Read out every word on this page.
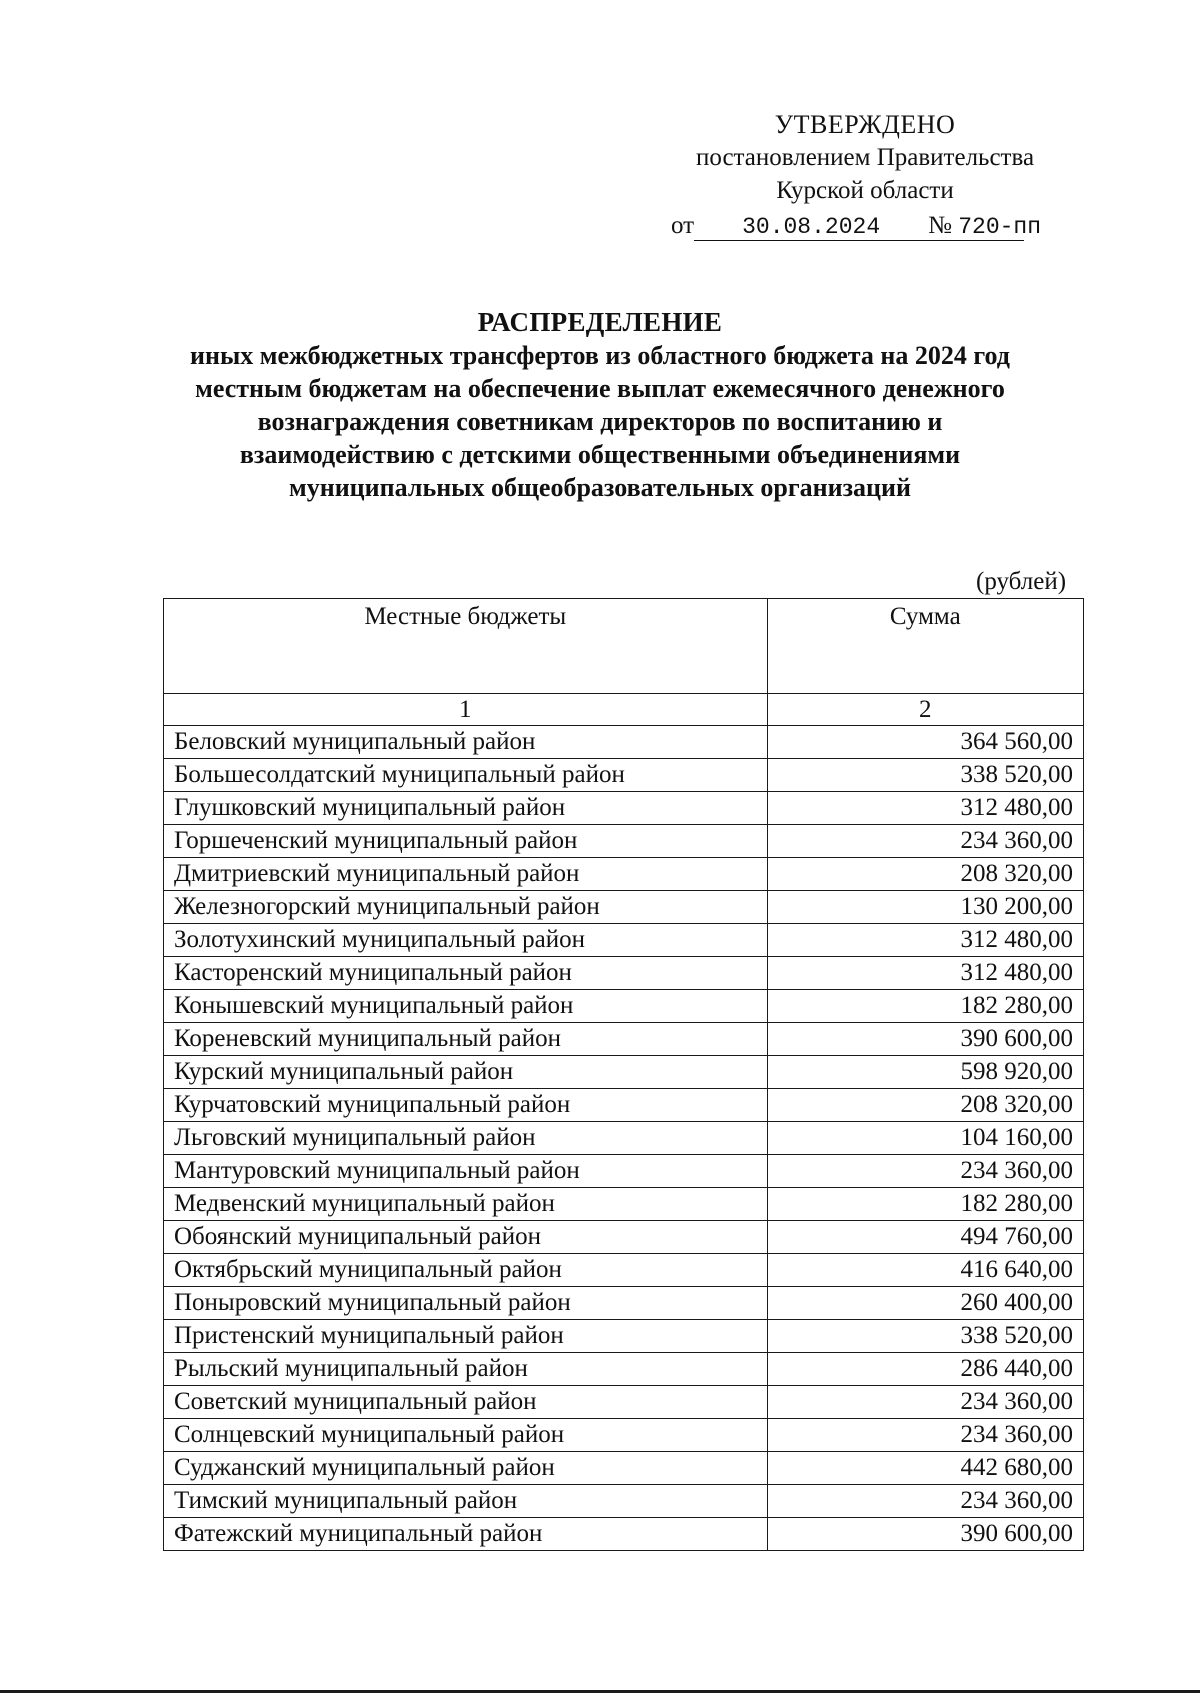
УТВЕРЖДЕНО
постановлением Правительства
Курской области
от 30.08.2024 № 720-пп
РАСПРЕДЕЛЕНИЕ
иных межбюджетных трансфертов из областного бюджета на 2024 год
местным бюджетам на обеспечение выплат ежемесячного денежного
вознаграждения советникам директоров по воспитанию и
взаимодействию с детскими общественными объединениями
муниципальных общеобразовательных организаций
(рублей)
Местные бюджеты	Сумма
1	2
Беловский муниципальный район	364 560,00
Большесолдатский муниципальный район	338 520,00
Глушковский муниципальный район	312 480,00
Горшеченский муниципальный район	234 360,00
Дмитриевский муниципальный район	208 320,00
Железногорский муниципальный район	130 200,00
Золотухинский муниципальный район	312 480,00
Касторенский муниципальный район	312 480,00
Конышевский муниципальный район	182 280,00
Кореневский муниципальный район	390 600,00
Курский муниципальный район	598 920,00
Курчатовский муниципальный район	208 320,00
Льговский муниципальный район	104 160,00
Мантуровский муниципальный район	234 360,00
Медвенский муниципальный район	182 280,00
Обоянский муниципальный район	494 760,00
Октябрьский муниципальный район	416 640,00
Поныровский муниципальный район	260 400,00
Пристенский муниципальный район	338 520,00
Рыльский муниципальный район	286 440,00
Советский муниципальный район	234 360,00
Солнцевский муниципальный район	234 360,00
Суджанский муниципальный район	442 680,00
Тимский муниципальный район	234 360,00
Фатежский муниципальный район	390 600,00
